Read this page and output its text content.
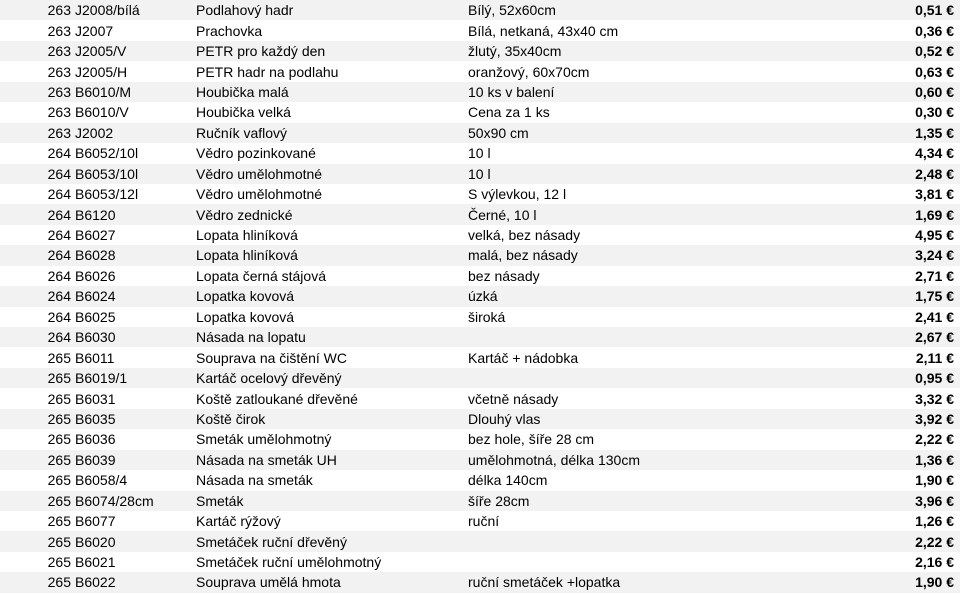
263	J2008/bílá	Podlahový hadr	Bílý, 52x60cm	0,51 €
263	J2007	Prachovka	Bílá, netkaná, 43x40 cm	0,36 €
263	J2005/V	PETR pro každý den	žlutý, 35x40cm	0,52 €
263	J2005/H	PETR hadr na podlahu	oranžový, 60x70cm	0,63 €
263	B6010/M	Houbička malá	10 ks v balení	0,60 €
263	B6010/V	Houbička velká	Cena za 1 ks	0,30 €
263	J2002	Ručník vaflový	50x90 cm	1,35 €
264	B6052/10l	Vědro pozinkované	10 l	4,34 €
264	B6053/10l	Vědro umělohmotné	10 l	2,48 €
264	B6053/12l	Vědro umělohmotné	S výlevkou, 12 l	3,81 €
264	B6120	Vědro zednické	Černé, 10 l	1,69 €
264	B6027	Lopata hliníková	velká, bez násady	4,95 €
264	B6028	Lopata hliníková	malá, bez násady	3,24 €
264	B6026	Lopata černá stájová	bez násady	2,71 €
264	B6024	Lopatka kovová	úzká	1,75 €
264	B6025	Lopatka kovová	široká	2,41 €
264	B6030	Násada na lopatu		2,67 €
265	B6011	Souprava na čištění WC	Kartáč + nádobka	2,11 €
265	B6019/1	Kartáč ocelový dřevěný		0,95 €
265	B6031	Koště zatloukané dřevěné	včetně násady	3,32 €
265	B6035	Koště čirok	Dlouhý vlas	3,92 €
265	B6036	Smeták umělohmotný	bez hole, šíře 28 cm	2,22 €
265	B6039	Násada na smeták UH	umělohmotná, délka 130cm	1,36 €
265	B6058/4	Násada na smeták	délka 140cm	1,90 €
265	B6074/28cm	Smeták	šíře 28cm	3,96 €
265	B6077	Kartáč rýžový	ruční	1,26 €
265	B6020	Smetáček ruční dřevěný		2,22 €
265	B6021	Smetáček ruční umělohmotný		2,16 €
265	B6022	Souprava umělá hmota	ruční smetáček +lopatka	1,90 €
